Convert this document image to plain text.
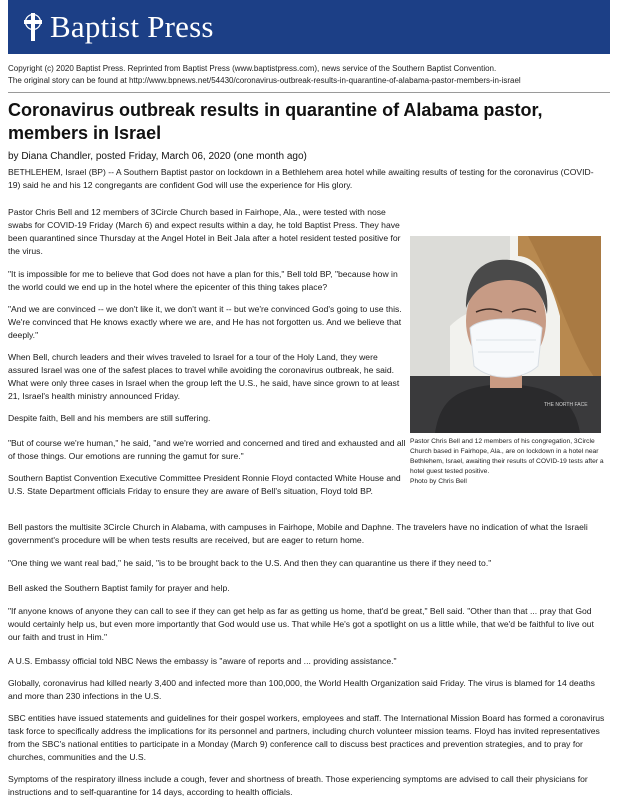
Baptist Press

Copyright (c) 2020 Baptist Press. Reprinted from Baptist Press (www.baptistpress.com), news service of the Southern Baptist Convention.

The original story can be found at http://www.bpnews.net/54430/coronavirus-outbreak-results-in-quarantine-of-alabama-pastor-members-in-israel

Coronavirus outbreak results in quarantine of Alabama pastor, members in Israel

by Diana Chandler, posted Friday, March 06, 2020 (one month ago)

BETHLEHEM, Israel (BP) -- A Southern Baptist pastor on lockdown in a Bethlehem area hotel while awaiting results of testing for the coronavirus (COVID-19) said he and his 12 congregants are confident God will use the experience for His glory.

Pastor Chris Bell and 12 members of 3Circle Church based in Fairhope, Ala., were tested with nose swabs for COVID-19 Friday (March 6) and expect results within a day, he told Baptist Press. They have been quarantined since Thursday at the Angel Hotel in Beit Jala after a hotel resident tested positive for the virus.

"It is impossible for me to believe that God does not have a plan for this," Bell told BP, "because how in the world could we end up in the hotel where the epicenter of this thing takes place?

"And we are convinced -- we don't like it, we don't want it -- but we're convinced God's going to use this. We're convinced that He knows exactly where we are, and He has not forgotten us. And we believe that deeply."

When Bell, church leaders and their wives traveled to Israel for a tour of the Holy Land, they were assured Israel was one of the safest places to travel while avoiding the coronavirus outbreak, he said. What were only three cases in Israel when the group left the U.S., he said, have since grown to at least 21, Israel's health ministry announced Friday.

Despite faith, Bell and his members are still suffering.

"But of course we're human," he said, "and we're worried and concerned and tired and exhausted and all of those things. Our emotions are running the gamut for sure."

Southern Baptist Convention Executive Committee President Ronnie Floyd contacted White House and U.S. State Department officials Friday to ensure they are aware of Bell's situation, Floyd told BP.

THE NORTH FACE

Pastor Chris Bell and 12 members of his congregation, 3Circle Church based in Fairhope, Ala., are on lockdown in a hotel near Bethlehem, Israel, awaiting their results of COVID-19 tests after a hotel guest tested positive.
Photo by Chris Bell

Bell pastors the multisite 3Circle Church in Alabama, with campuses in Fairhope, Mobile and Daphne. The travelers have no indication of what the Israeli government's procedure will be when tests results are received, but are eager to return home.

"One thing we want real bad," he said, "is to be brought back to the U.S. And then they can quarantine us there if they need to."

Bell asked the Southern Baptist family for prayer and help.

"If anyone knows of anyone they can call to see if they can get help as far as getting us home, that'd be great," Bell said. "Other than that ... pray that God would certainly help us, but even more importantly that God would use us. That while He's got a spotlight on us a little while, that we'd be faithful to live out our faith and trust in Him."

A U.S. Embassy official told NBC News the embassy is "aware of reports and ... providing assistance."

Globally, coronavirus had killed nearly 3,400 and infected more than 100,000, the World Health Organization said Friday. The virus is blamed for 14 deaths and more than 230 infections in the U.S.

SBC entities have issued statements and guidelines for their gospel workers, employees and staff. The International Mission Board has formed a coronavirus task force to specifically address the implications for its personnel and partners, including church volunteer mission teams. Floyd has invited representatives from the SBC's national entities to participate in a Monday (March 9) conference call to discuss best practices and prevention strategies, and to pray for churches, communities and the U.S.

Symptoms of the respiratory illness include a cough, fever and shortness of breath. Those experiencing symptoms are advised to call their physicians for instructions and to self-quarantine for 14 days, according to health officials.
